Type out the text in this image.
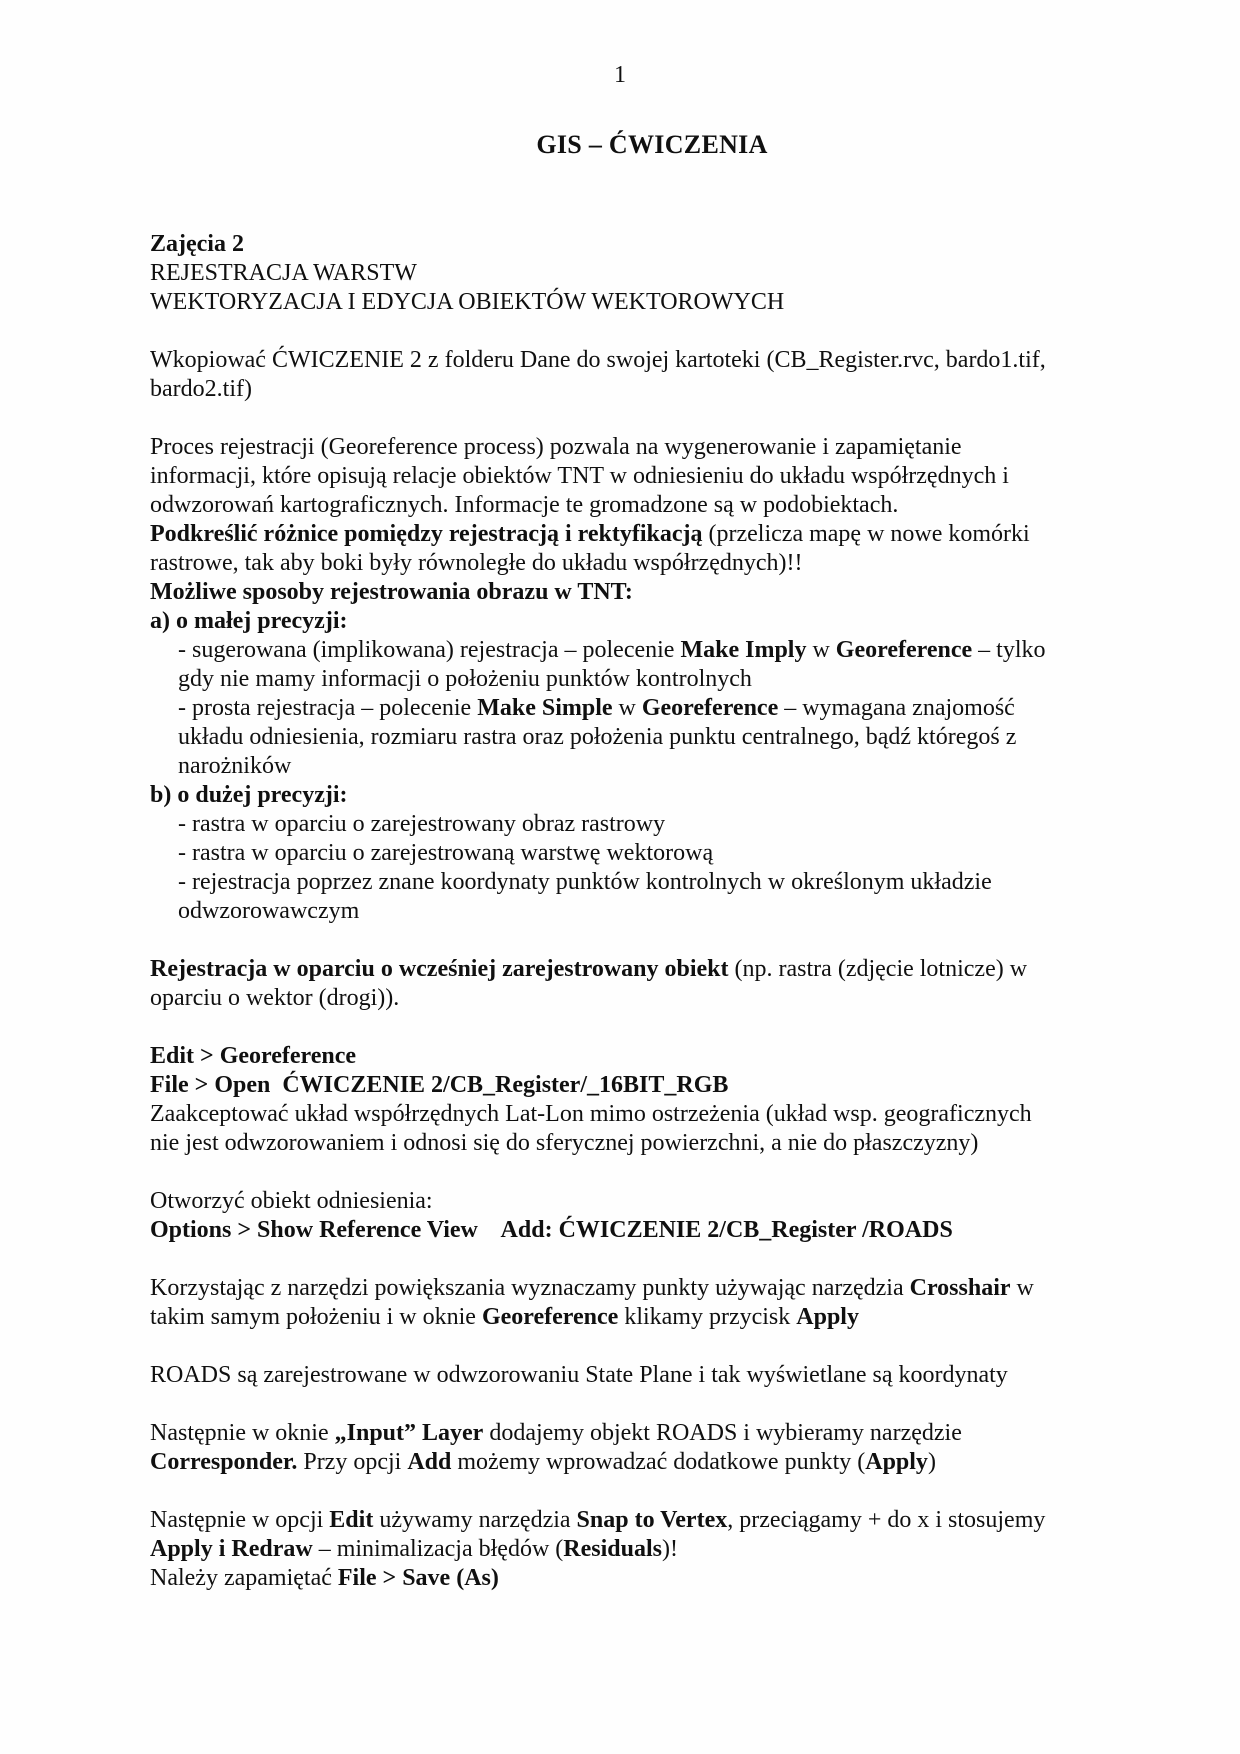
1
GIS – ĆWICZENIA
Zajęcia 2
REJESTRACJA WARSTW
WEKTORYZACJA I EDYCJA OBIEKTÓW WEKTOROWYCH

Wkopiować ĆWICZENIE 2 z folderu Dane do swojej kartoteki (CB_Register.rvc, bardo1.tif,
bardo2.tif)

Proces rejestracji (Georeference process) pozwala na wygenerowanie i zapamiętanie
informacji, które opisują relacje obiektów TNT w odniesieniu do układu współrzędnych i
odwzorowań kartograficznych. Informacje te gromadzone są w podobiektach.
Podkreślić różnice pomiędzy rejestracją i rektyfikacją (przelicza mapę w nowe komórki
rastrowe, tak aby boki były równoległe do układu współrzędnych)!!
Możliwe sposoby rejestrowania obrazu w TNT:
a) o małej precyzji:
- sugerowana (implikowana) rejestracja – polecenie Make Imply w Georeference – tylko
gdy nie mamy informacji o położeniu punktów kontrolnych
- prosta rejestracja – polecenie Make Simple w Georeference – wymagana znajomość
układu odniesienia, rozmiaru rastra oraz położenia punktu centralnego, bądź któregoś z
narożników
b) o dużej precyzji:
- rastra w oparciu o zarejestrowany obraz rastrowy
- rastra w oparciu o zarejestrowaną warstwę wektorową
- rejestracja poprzez znane koordynaty punktów kontrolnych w określonym układzie
odwzorowawczym

Rejestracja w oparciu o wcześniej zarejestrowany obiekt (np. rastra (zdjęcie lotnicze) w
oparciu o wektor (drogi)).

Edit > Georeference
File > Open  ĆWICZENIE 2/CB_Register/_16BIT_RGB
Zaakceptować układ współrzędnych Lat-Lon mimo ostrzeżenia (układ wsp. geograficznych
nie jest odwzorowaniem i odnosi się do sferycznej powierzchni, a nie do płaszczyzny)

Otworzyć obiekt odniesienia:
Options > Show Reference View    Add: ĆWICZENIE 2/CB_Register /ROADS

Korzystając z narzędzi powiększania wyznaczamy punkty używając narzędzia Crosshair w
takim samym położeniu i w oknie Georeference klikamy przycisk Apply

ROADS są zarejestrowane w odwzorowaniu State Plane i tak wyświetlane są koordynaty

Następnie w oknie „Input” Layer dodajemy objekt ROADS i wybieramy narzędzie
Corresponder. Przy opcji Add możemy wprowadzać dodatkowe punkty (Apply)

Następnie w opcji Edit używamy narzędzia Snap to Vertex, przeciągamy + do x i stosujemy
Apply i Redraw – minimalizacja błędów (Residuals)!
Należy zapamiętać File > Save (As)
